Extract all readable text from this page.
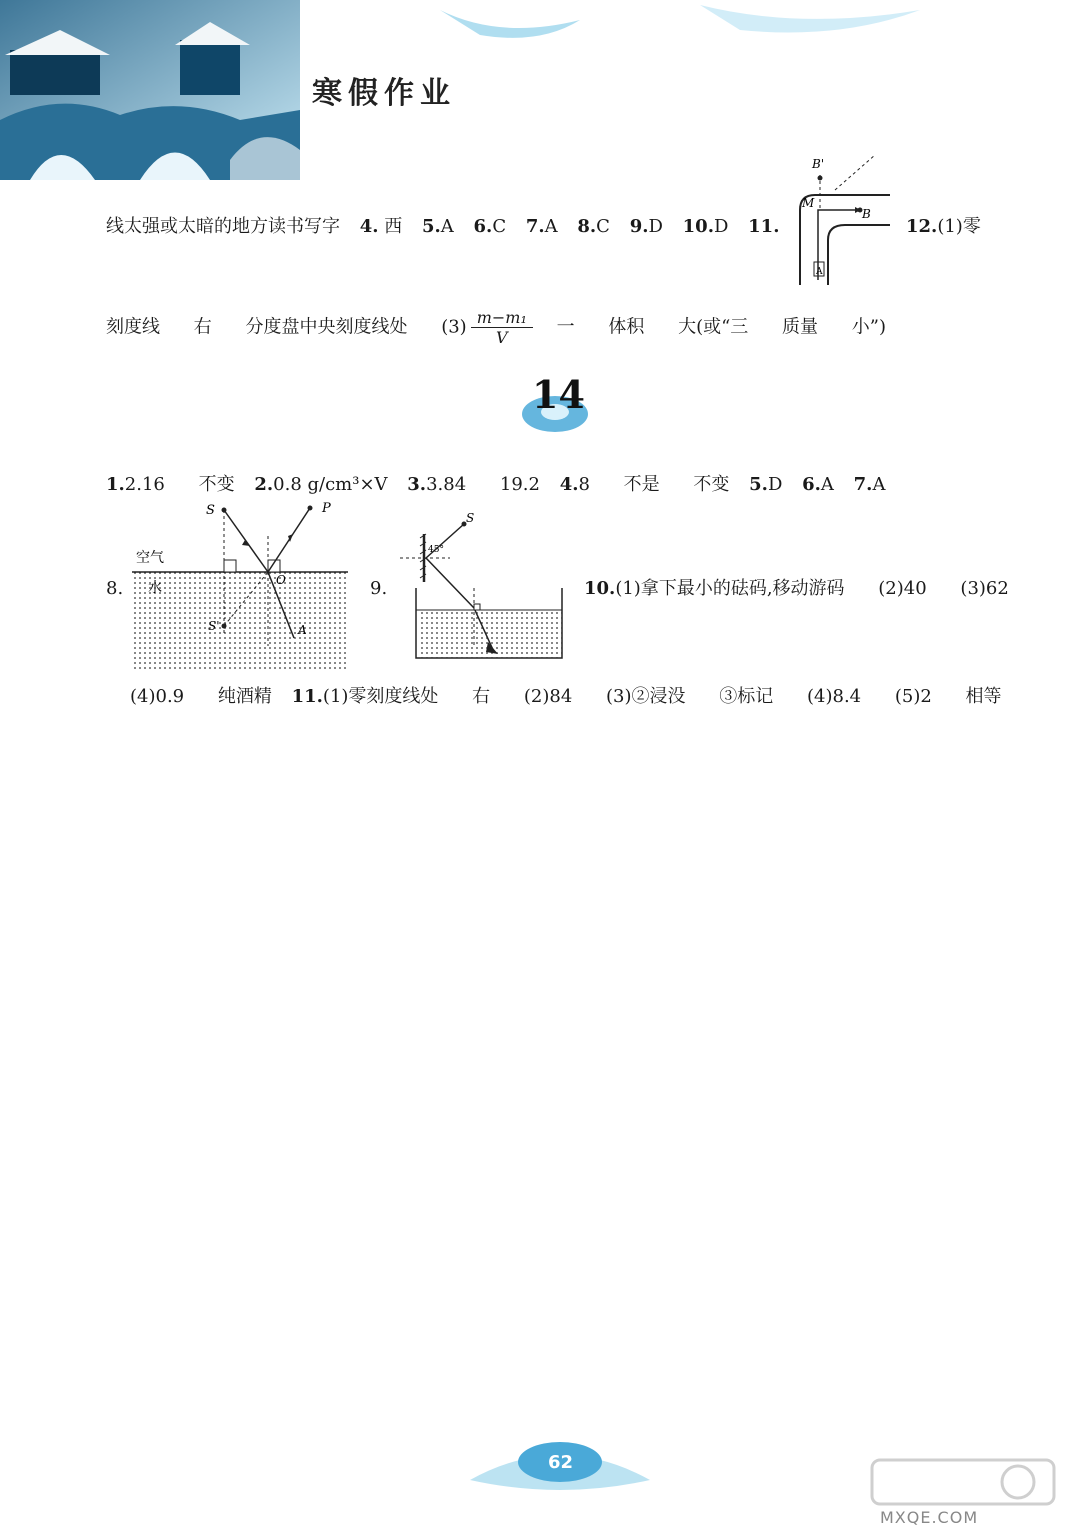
寒假作业
线太强或太暗的地方读书写字 4. 西 5.A 6.C 7.A 8.C 9.D 10.D 11.	12.(1)零
B'
M
B
A
刻度线 右 分度盘中央刻度线处 $(3) \frac{\text{m−m₁}}{V}$ 一 体积 大(或“三 质量 小”)
14
1.2.16 不变 2.0.8 g/cm³×V 3.3.84 19.2 4.8 不是 不变 5.D 6.A 7.A
8.
S	P
空气
水	O
S'	A
9.
S
45°
10.(1)拿下最小的砝码,移动游码 (2)40 (3)62
(4)0.9 纯酒精 11.(1)零刻度线处 右 (2)84 (3)②浸没 ③标记 (4)8.4 (5)2 相等
62
MXQE.COM
